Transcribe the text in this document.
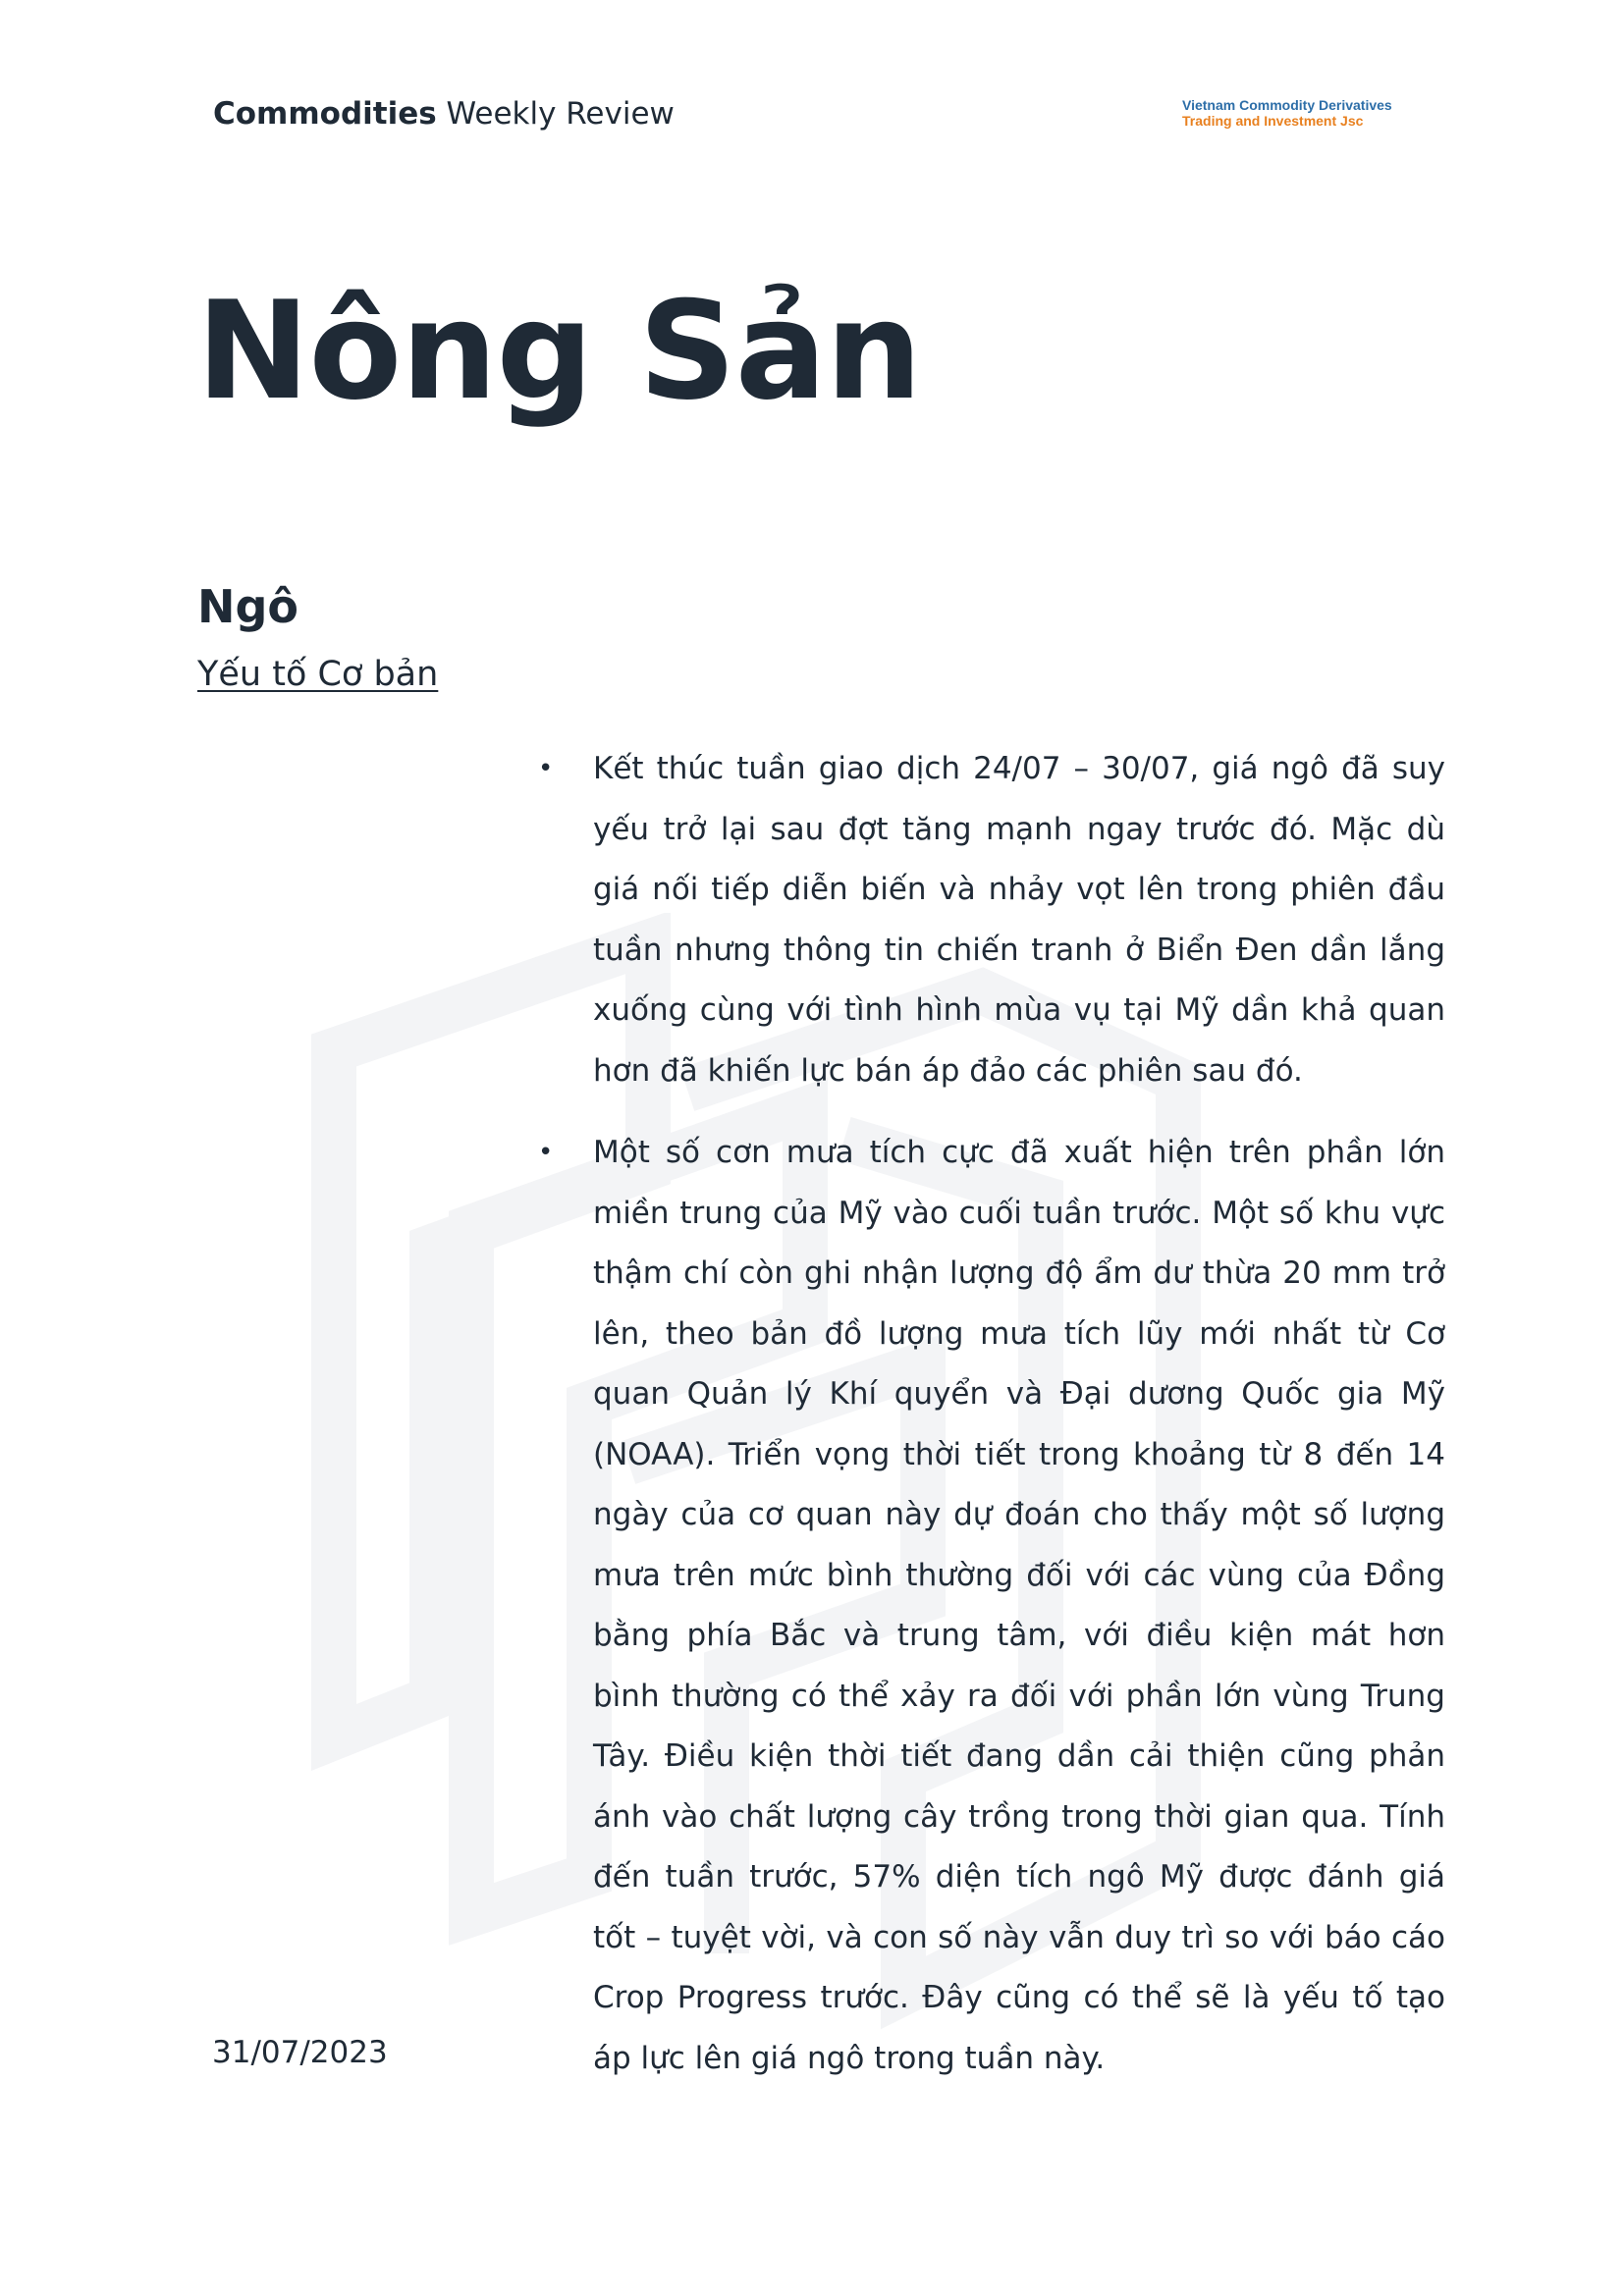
Commodities Weekly Review	Vietnam Commodity Derivatives
Trading and Investment Jsc
Nông Sản
Ngô
Yếu tố Cơ bản
• Kết thúc tuần giao dịch 24/07 – 30/07, giá ngô đã suy yếu trở lại sau đợt tăng mạnh ngay trước đó. Mặc dù giá nối tiếp diễn biến và nhảy vọt lên trong phiên đầu tuần nhưng thông tin chiến tranh ở Biển Đen dần lắng xuống cùng với tình hình mùa vụ tại Mỹ dần khả quan hơn đã khiến lực bán áp đảo các phiên sau đó.
• Một số cơn mưa tích cực đã xuất hiện trên phần lớn miền trung của Mỹ vào cuối tuần trước. Một số khu vực thậm chí còn ghi nhận lượng độ ẩm dư thừa 20 mm trở lên, theo bản đồ lượng mưa tích lũy mới nhất từ Cơ quan Quản lý Khí quyển và Đại dương Quốc gia Mỹ (NOAA). Triển vọng thời tiết trong khoảng từ 8 đến 14 ngày của cơ quan này dự đoán cho thấy một số lượng mưa trên mức bình thường đối với các vùng của Đồng bằng phía Bắc và trung tâm, với điều kiện mát hơn bình thường có thể xảy ra đối với phần lớn vùng Trung Tây. Điều kiện thời tiết đang dần cải thiện cũng phản ánh vào chất lượng cây trồng trong thời gian qua. Tính đến tuần trước, 57% diện tích ngô Mỹ được đánh giá tốt – tuyệt vời, và con số này vẫn duy trì so với báo cáo Crop Progress trước. Đây cũng có thể sẽ là yếu tố tạo áp lực lên giá ngô trong tuần này.
31/07/2023
